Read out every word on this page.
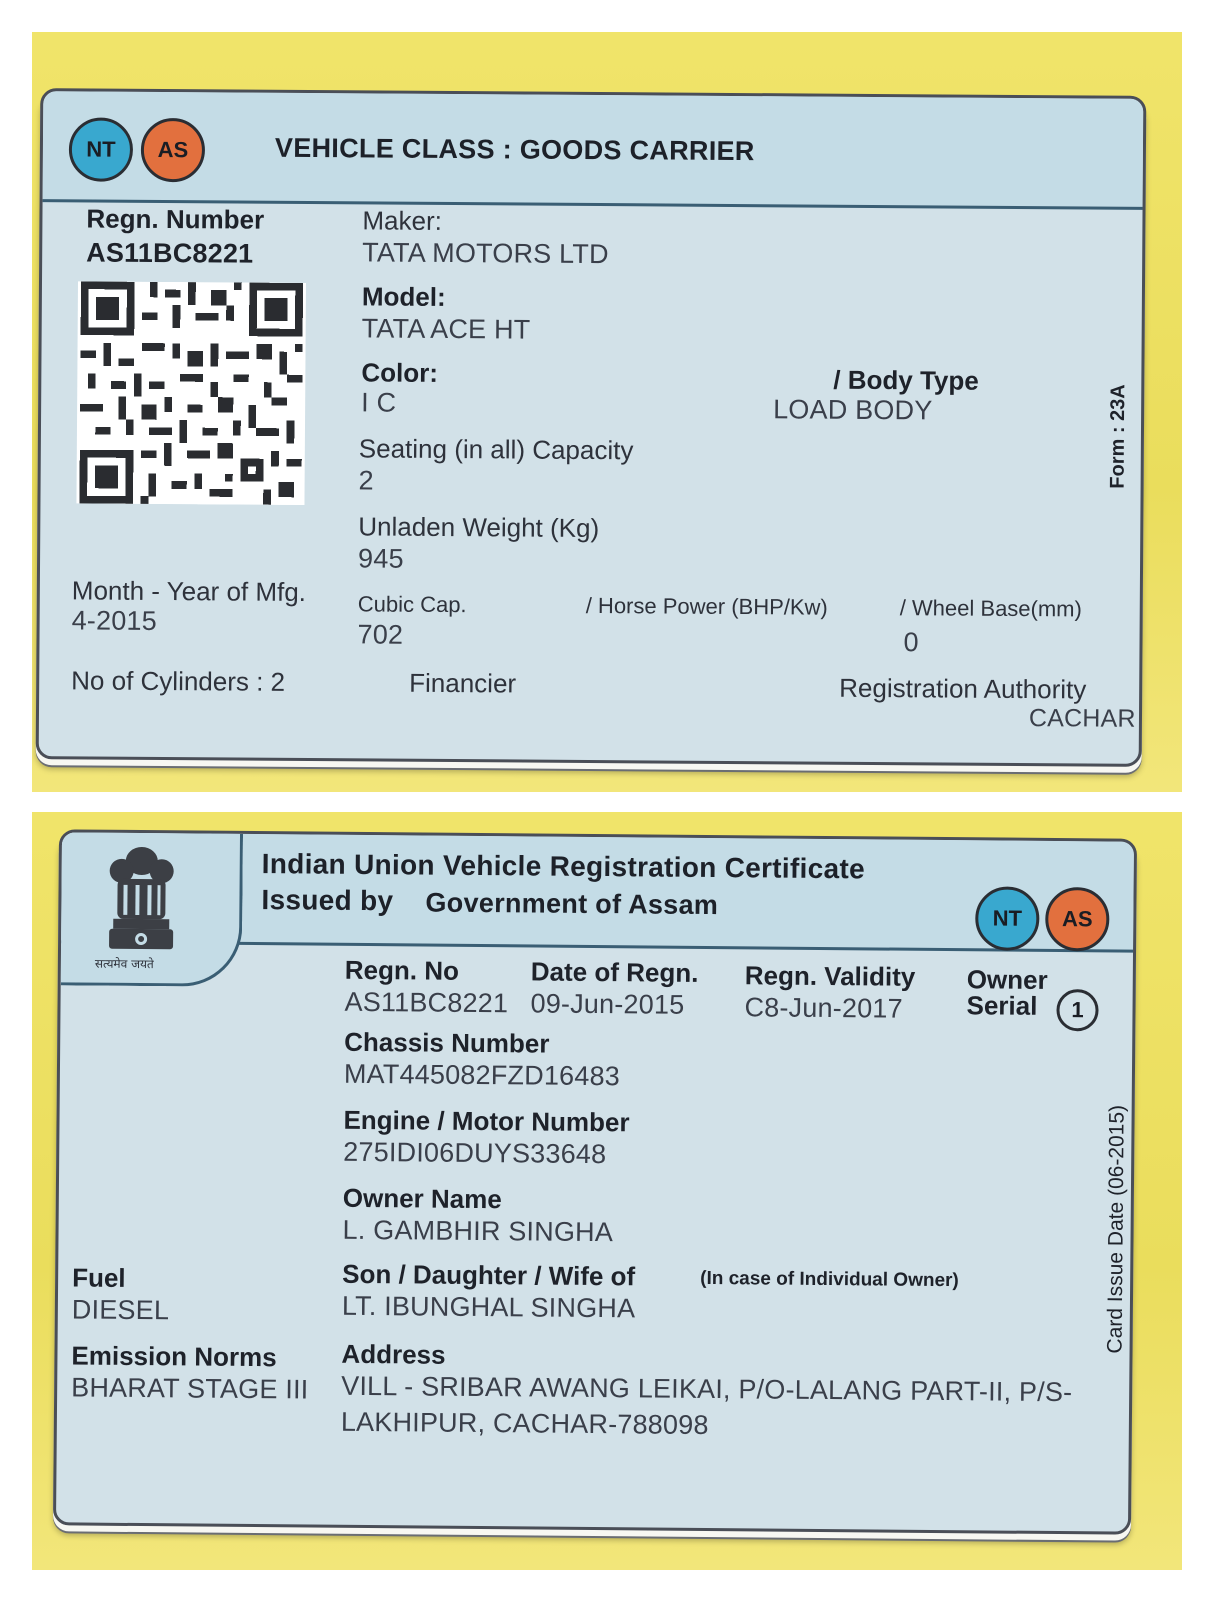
NT	AS	VEHICLE CLASS : GOODS CARRIER
Regn. Number
AS11BC8221
Maker:
TATA MOTORS LTD
Model:
TATA ACE HT
Color:
I C
/ Body Type
LOAD BODY
Seating (in all) Capacity
2
Unladen Weight (Kg)
945
Month - Year of Mfg.
4-2015
Cubic Cap.
702
/ Horse Power (BHP/Kw)	/ Wheel Base(mm)
0
No of Cylinders : 2	Financier	Registration Authority
CACHAR
Form : 23A
सत्यमेव जयते
Indian Union Vehicle Registration Certificate
Issued by Government of Assam	NT	AS
Regn. No
AS11BC8221
Date of Regn.
09-Jun-2015
Regn. Validity
C8-Jun-2017
Owner
Serial	1
Chassis Number
MAT445082FZD16483
Engine / Motor Number
275IDI06DUYS33648
Owner Name
L. GAMBHIR SINGHA
Son / Daughter / Wife of	(In case of Individual Owner)
LT. IBUNGHAL SINGHA
Fuel
DIESEL
Emission Norms
BHARAT STAGE III
Address
VILL - SRIBAR AWANG LEIKAI, P/O-LALANG PART-II, P/S-
LAKHIPUR, CACHAR-788098
Card Issue Date (06-2015)
